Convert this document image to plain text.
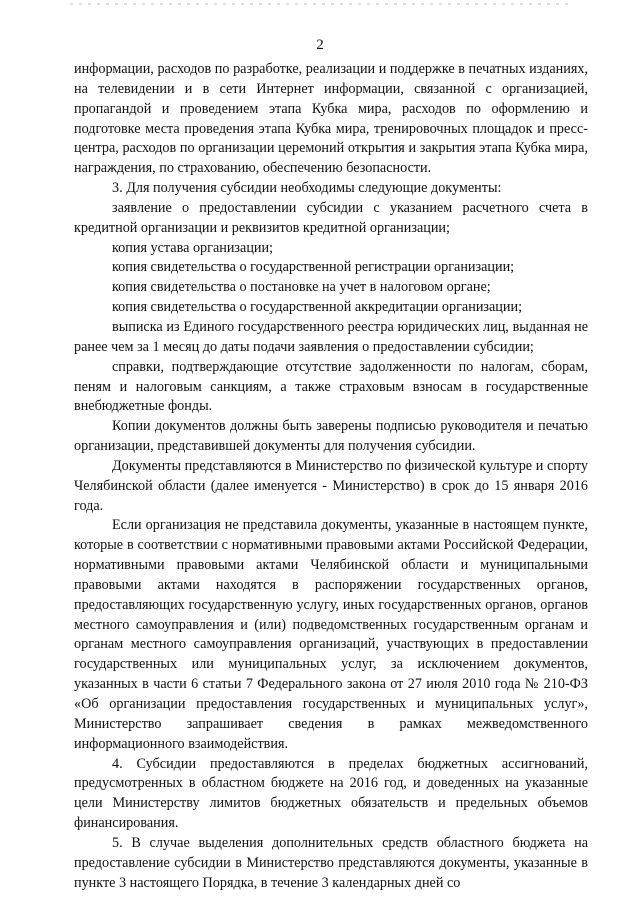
2

информации, расходов по разработке, реализации и поддержке в печатных изданиях, на телевидении и в сети Интернет информации, связанной с организацией, пропагандой и проведением этапа Кубка мира, расходов по оформлению и подготовке места проведения этапа Кубка мира, тренировочных площадок и пресс-центра, расходов по организации церемоний открытия и закрытия этапа Кубка мира, награждения, по страхованию, обеспечению безопасности.

3. Для получения субсидии необходимы следующие документы:

заявление о предоставлении субсидии с указанием расчетного счета в кредитной организации и реквизитов кредитной организации;

копия устава организации;

копия свидетельства о государственной регистрации организации;

копия свидетельства о постановке на учет в налоговом органе;

копия свидетельства о государственной аккредитации организации;

выписка из Единого государственного реестра юридических лиц, выданная не ранее чем за 1 месяц до даты подачи заявления о предоставлении субсидии;

справки, подтверждающие отсутствие задолженности по налогам, сборам, пеням и налоговым санкциям, а также страховым взносам в государственные внебюджетные фонды.

Копии документов должны быть заверены подписью руководителя и печатью организации, представившей документы для получения субсидии.

Документы представляются в Министерство по физической культуре и спорту Челябинской области (далее именуется - Министерство) в срок до 15 января 2016 года.

Если организация не представила документы, указанные в настоящем пункте, которые в соответствии с нормативными правовыми актами Российской Федерации, нормативными правовыми актами Челябинской области и муниципальными правовыми актами находятся в распоряжении государственных органов, предоставляющих государственную услугу, иных государственных органов, органов местного самоуправления и (или) подведомственных государственным органам и органам местного самоуправления организаций, участвующих в предоставлении государственных или муниципальных услуг, за исключением документов, указанных в части 6 статьи 7 Федерального закона от 27 июля 2010 года № 210-ФЗ «Об организации предоставления государственных и муниципальных услуг», Министерство запрашивает сведения в рамках межведомственного информационного взаимодействия.

4. Субсидии предоставляются в пределах бюджетных ассигнований, предусмотренных в областном бюджете на 2016 год, и доведенных на указанные цели Министерству лимитов бюджетных обязательств и предельных объемов финансирования.

5. В случае выделения дополнительных средств областного бюджета на предоставление субсидии в Министерство представляются документы, указанные в пункте 3 настоящего Порядка, в течение 3 календарных дней со
